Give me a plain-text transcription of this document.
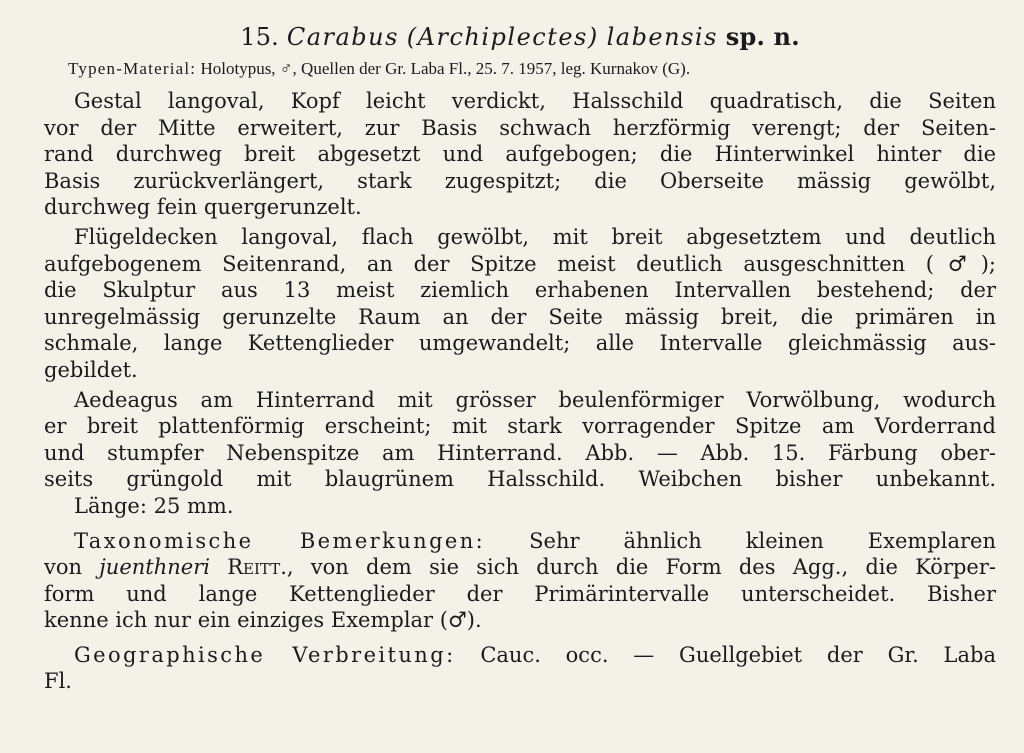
15. Carabus (Archiplectes) labensis sp. n.
Typen-Material: Holotypus, ♂, Quellen der Gr. Laba Fl., 25. 7. 1957, leg. Kurnakov (G).
Gestal langoval, Kopf leicht verdickt, Halsschild quadratisch, die Seiten
vor der Mitte erweitert, zur Basis schwach herzförmig verengt; der Seiten-
rand durchweg breit abgesetzt und aufgebogen; die Hinterwinkel hinter die
Basis zurückverlängert, stark zugespitzt; die Oberseite mässig gewölbt,
durchweg fein quergerunzelt.
Flügeldecken langoval, flach gewölbt, mit breit abgesetztem und deutlich
aufgebogenem Seitenrand, an der Spitze meist deutlich ausgeschnitten (♂);
die Skulptur aus 13 meist ziemlich erhabenen Intervallen bestehend; der
unregelmässig gerunzelte Raum an der Seite mässig breit, die primären in
schmale, lange Kettenglieder umgewandelt; alle Intervalle gleichmässig aus-
gebildet.
Aedeagus am Hinterrand mit grösser beulenförmiger Vorwölbung, wodurch
er breit plattenförmig erscheint; mit stark vorragender Spitze am Vorderrand
und stumpfer Nebenspitze am Hinterrand. Abb. — Abb. 15. Färbung ober-
seits grüngold mit blaugrünem Halsschild. Weibchen bisher unbekannt.
Länge: 25 mm.
Taxonomische Bemerkungen: Sehr ähnlich kleinen Exemplaren
von juenthneri Reitt., von dem sie sich durch die Form des Agg., die Körper-
form und lange Kettenglieder der Primärintervalle unterscheidet. Bisher
kenne ich nur ein einziges Exemplar (♂).
Geographische Verbreitung: Cauc. occ. — Guellgebiet der Gr. Laba
Fl.
